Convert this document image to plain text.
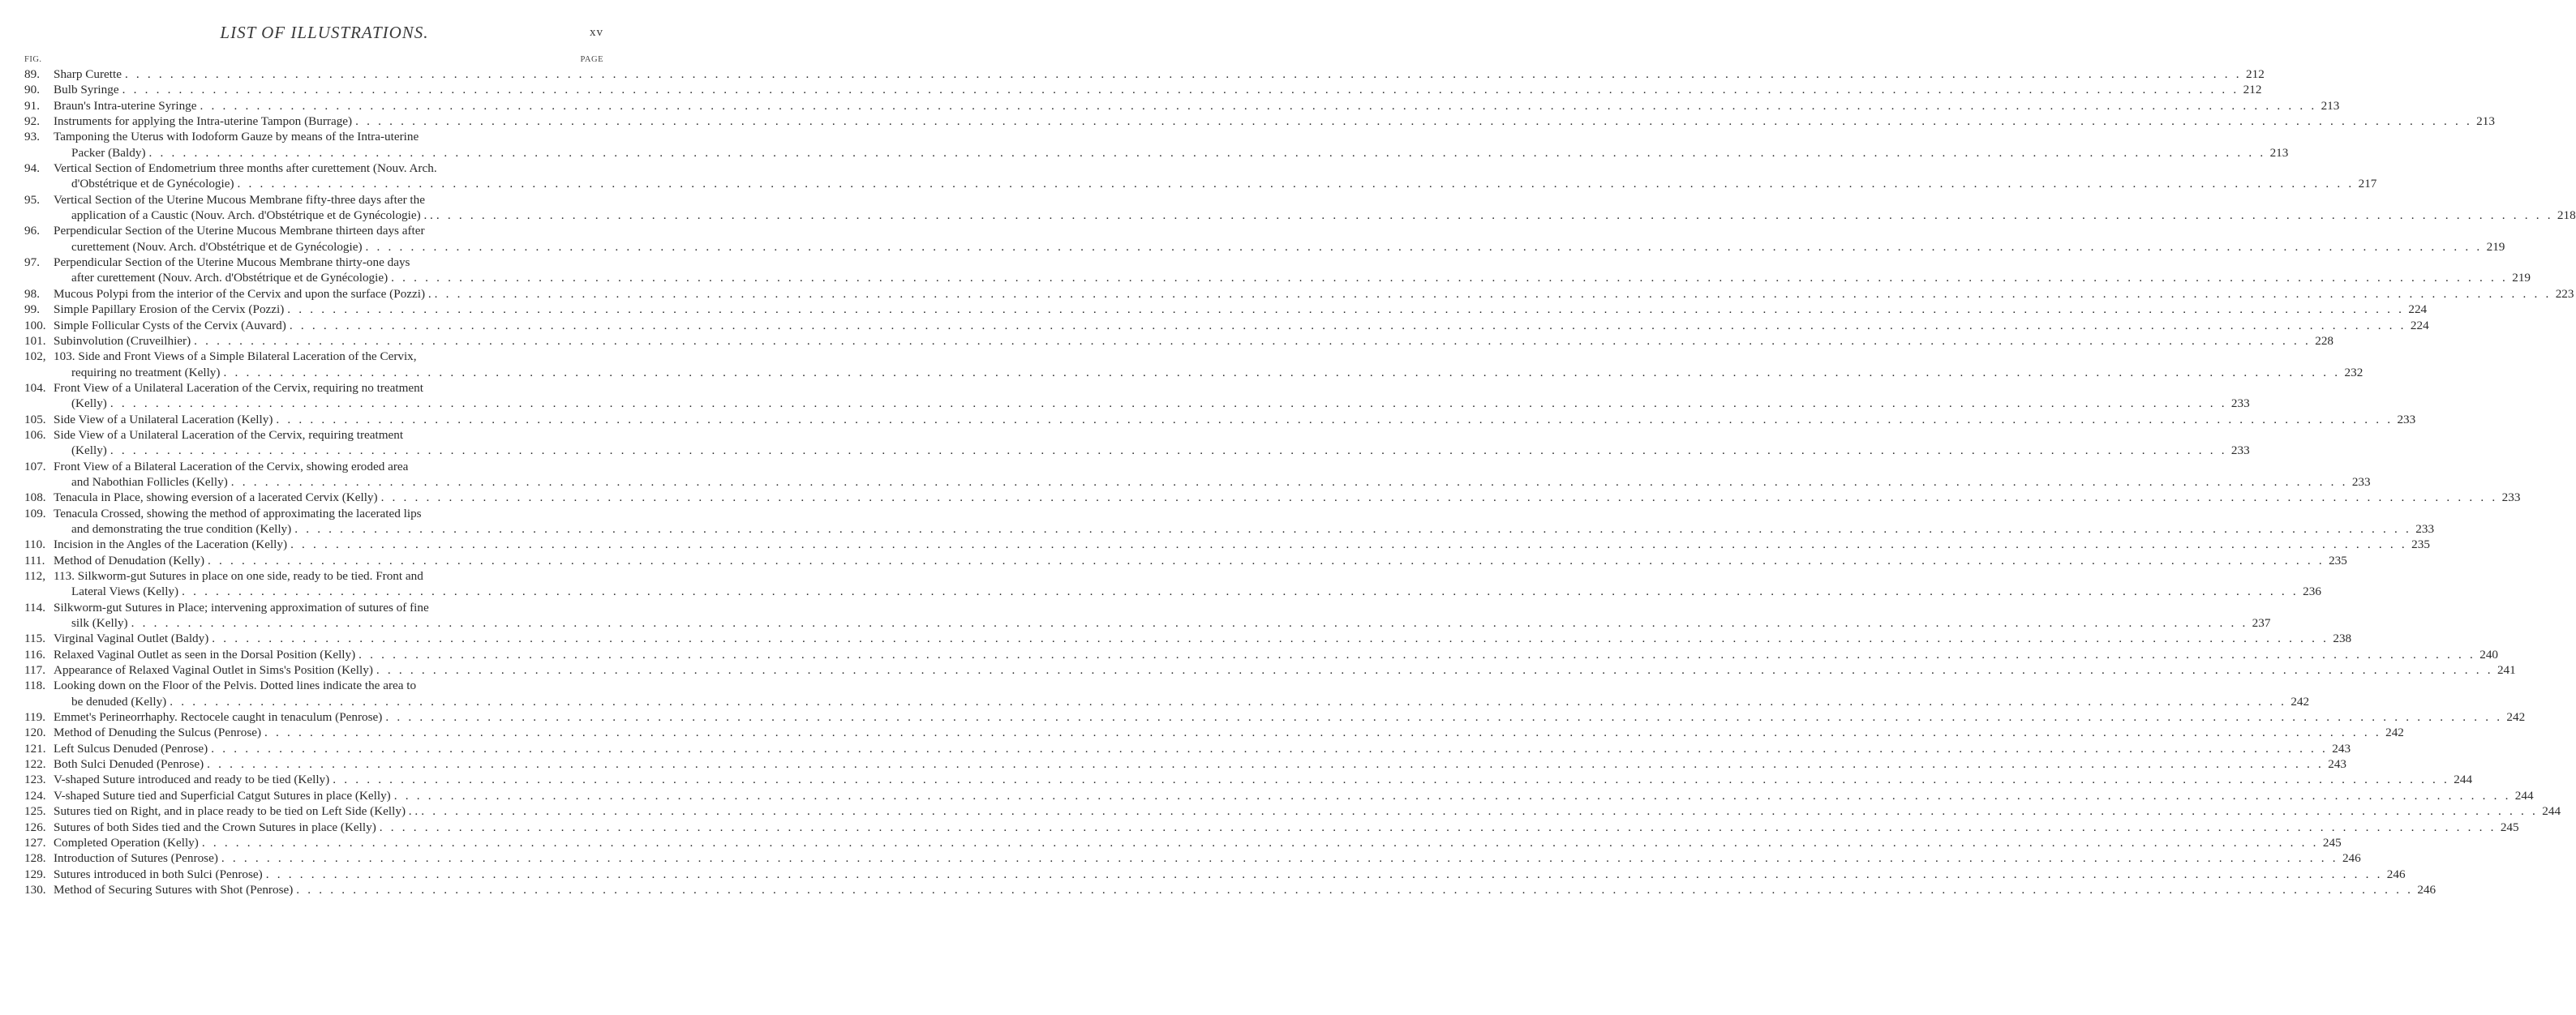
LIST OF ILLUSTRATIONS.	xv
FIG.	PAGE
89.	Sharp Curette . . .	212
90.	Bulb Syringe . . .	212
91.	Braun's Intra-uterine Syringe . . .	213
92.	Instruments for applying the Intra-uterine Tampon (Burrage) . . .	213
93.	Tamponing the Uterus with Iodoform Gauze by means of the Intra-uterine
Packer (Baldy) . . .	213
94.	Vertical Section of Endometrium three months after curettement (Nouv. Arch.
d'Obstétrique et de Gynécologie) . . .	217
95.	Vertical Section of the Uterine Mucous Membrane fifty-three days after the
application of a Caustic (Nouv. Arch. d'Obstétrique et de Gynécologie) . . . . .	218
96.	Perpendicular Section of the Uterine Mucous Membrane thirteen days after
curettement (Nouv. Arch. d'Obstétrique et de Gynécologie) . . .	219
97.	Perpendicular Section of the Uterine Mucous Membrane thirty-one days
after curettement (Nouv. Arch. d'Obstétrique et de Gynécologie) . . .	219
98.	Mucous Polypi from the interior of the Cervix and upon the surface (Pozzi) . . . .	223
99.	Simple Papillary Erosion of the Cervix (Pozzi) . . .	224
100. Simple Follicular Cysts of the Cervix (Auvard) . . .	224
101. Subinvolution (Cruveilhier) . . .	228
102, 103. Side and Front Views of a Simple Bilateral Laceration of the Cervix,
requiring no treatment (Kelly) . . .	232
104. Front View of a Unilateral Laceration of the Cervix, requiring no treatment
(Kelly) . . .	233
105. Side View of a Unilateral Laceration (Kelly) . . .	233
106. Side View of a Unilateral Laceration of the Cervix, requiring treatment
(Kelly) . . .	233
107. Front View of a Bilateral Laceration of the Cervix, showing eroded area
and Nabothian Follicles (Kelly) . . .	233
108. Tenacula in Place, showing eversion of a lacerated Cervix (Kelly) . . .	233
109. Tenacula Crossed, showing the method of approximating the lacerated lips
and demonstrating the true condition (Kelly) . . .	233
110. Incision in the Angles of the Laceration (Kelly) . . .	235
111. Method of Denudation (Kelly) . . .	235
112, 113. Silkworm-gut Sutures in place on one side, ready to be tied. Front and
Lateral Views (Kelly) . . .	236
114. Silkworm-gut Sutures in Place; intervening approximation of sutures of fine
silk (Kelly) . . .	237
115. Virginal Vaginal Outlet (Baldy) . . .	238
116. Relaxed Vaginal Outlet as seen in the Dorsal Position (Kelly) . . .	240
117. Appearance of Relaxed Vaginal Outlet in Sims's Position (Kelly) . . .	241
118. Looking down on the Floor of the Pelvis. Dotted lines indicate the area to
be denuded (Kelly) . . .	242
119. Emmet's Perineorrhaphy. Rectocele caught in tenaculum (Penrose) . . .	242
120. Method of Denuding the Sulcus (Penrose) . . .	242
121. Left Sulcus Denuded (Penrose) . . .	243
122. Both Sulci Denuded (Penrose) . . .	243
123. V-shaped Suture introduced and ready to be tied (Kelly) . . .	244
124. V-shaped Suture tied and Superficial Catgut Sutures in place (Kelly) . . .	244
125. Sutures tied on Right, and in place ready to be tied on Left Side (Kelly) . . . . .	244
126. Sutures of both Sides tied and the Crown Sutures in place (Kelly) . . .	245
127. Completed Operation (Kelly) . . .	245
128. Introduction of Sutures (Penrose) . . .	246
129. Sutures introduced in both Sulci (Penrose) . . .	246
130. Method of Securing Sutures with Shot (Penrose) . . .	246
